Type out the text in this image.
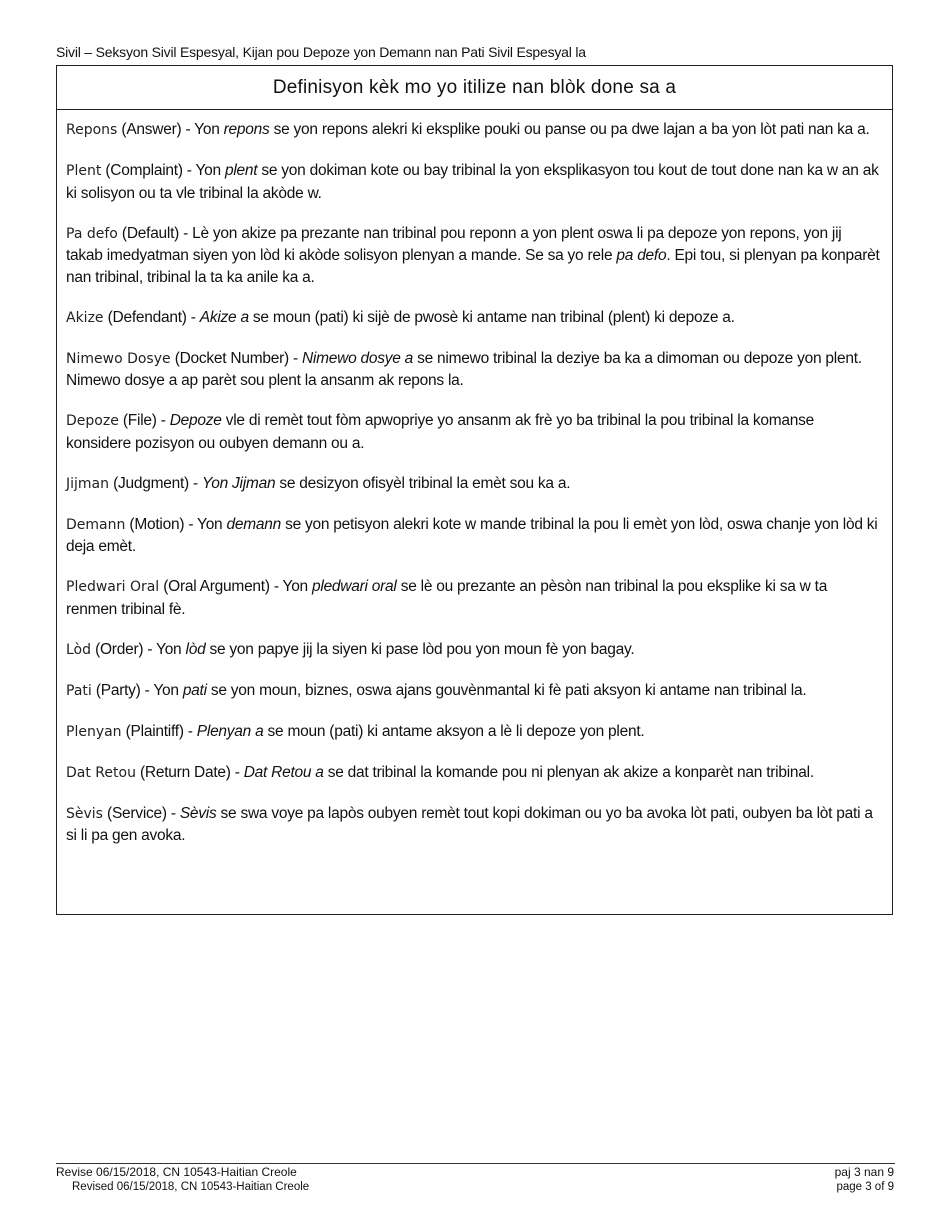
Sivil – Seksyon Sivil Espesyal, Kijan pou Depoze yon Demann nan Pati Sivil Espesyal la
Definisyon kèk mo yo itilize nan blòk done sa a

Repons (Answer) - Yon repons se yon repons alekri ki eksplike pouki ou panse ou pa dwe lajan a ba yon lòt pati nan ka a.

Plent (Complaint) - Yon plent se yon dokiman kote ou bay tribinal la yon eksplikasyon tou kout de tout done nan ka w an ak ki solisyon ou ta vle tribinal la akòde w.

Pa defo (Default) - Lè yon akize pa prezante nan tribinal pou reponn a yon plent oswa li pa depoze yon repons, yon jij takab imedyatman siyen yon lòd ki akòde solisyon plenyan a mande. Se sa yo rele pa defo. Epi tou, si plenyan pa konparèt nan tribinal, tribinal la ta ka anile ka a.

Akize (Defendant) - Akize a se moun (pati) ki sijè de pwosè ki antame nan tribinal (plent) ki depoze a.

Nimewo Dosye (Docket Number) - Nimewo dosye a se nimewo tribinal la deziye ba ka a dimoman ou depoze yon plent. Nimewo dosye a ap parèt sou plent la ansanm ak repons la.

Depoze (File) - Depoze vle di remèt tout fòm apwopriye yo ansanm ak frè yo ba tribinal la pou tribinal la komanse konsidere pozisyon ou oubyen demann ou a.

Jijman (Judgment) - Yon Jijman se desizyon ofisyèl tribinal la emèt sou ka a.

Demann (Motion) - Yon demann se yon petisyon alekri kote w mande tribinal la pou li emèt yon lòd, oswa chanje yon lòd ki deja emèt.

Pledwari Oral (Oral Argument) - Yon pledwari oral se lè ou prezante an pèsòn nan tribinal la pou eksplike ki sa w ta renmen tribinal fè.

Lòd (Order) - Yon lòd se yon papye jij la siyen ki pase lòd pou yon moun fè yon bagay.

Pati (Party) - Yon pati se yon moun, biznes, oswa ajans gouvènmantal ki fè pati aksyon ki antame nan tribinal la.

Plenyan (Plaintiff) - Plenyan a se moun (pati) ki antame aksyon a lè li depoze yon plent.

Dat Retou (Return Date) - Dat Retou a se dat tribinal la komande pou ni plenyan ak akize a konparèt nan tribinal.

Sèvis (Service) - Sèvis se swa voye pa lapòs oubyen remèt tout kopi dokiman ou yo ba avoka lòt pati, oubyen ba lòt pati a si li pa gen avoka.

Revise 06/15/2018, CN 10543-Haitian Creole
Revised 06/15/2018, CN 10543-Haitian Creole
paj 3 nan 9
page 3 of 9
